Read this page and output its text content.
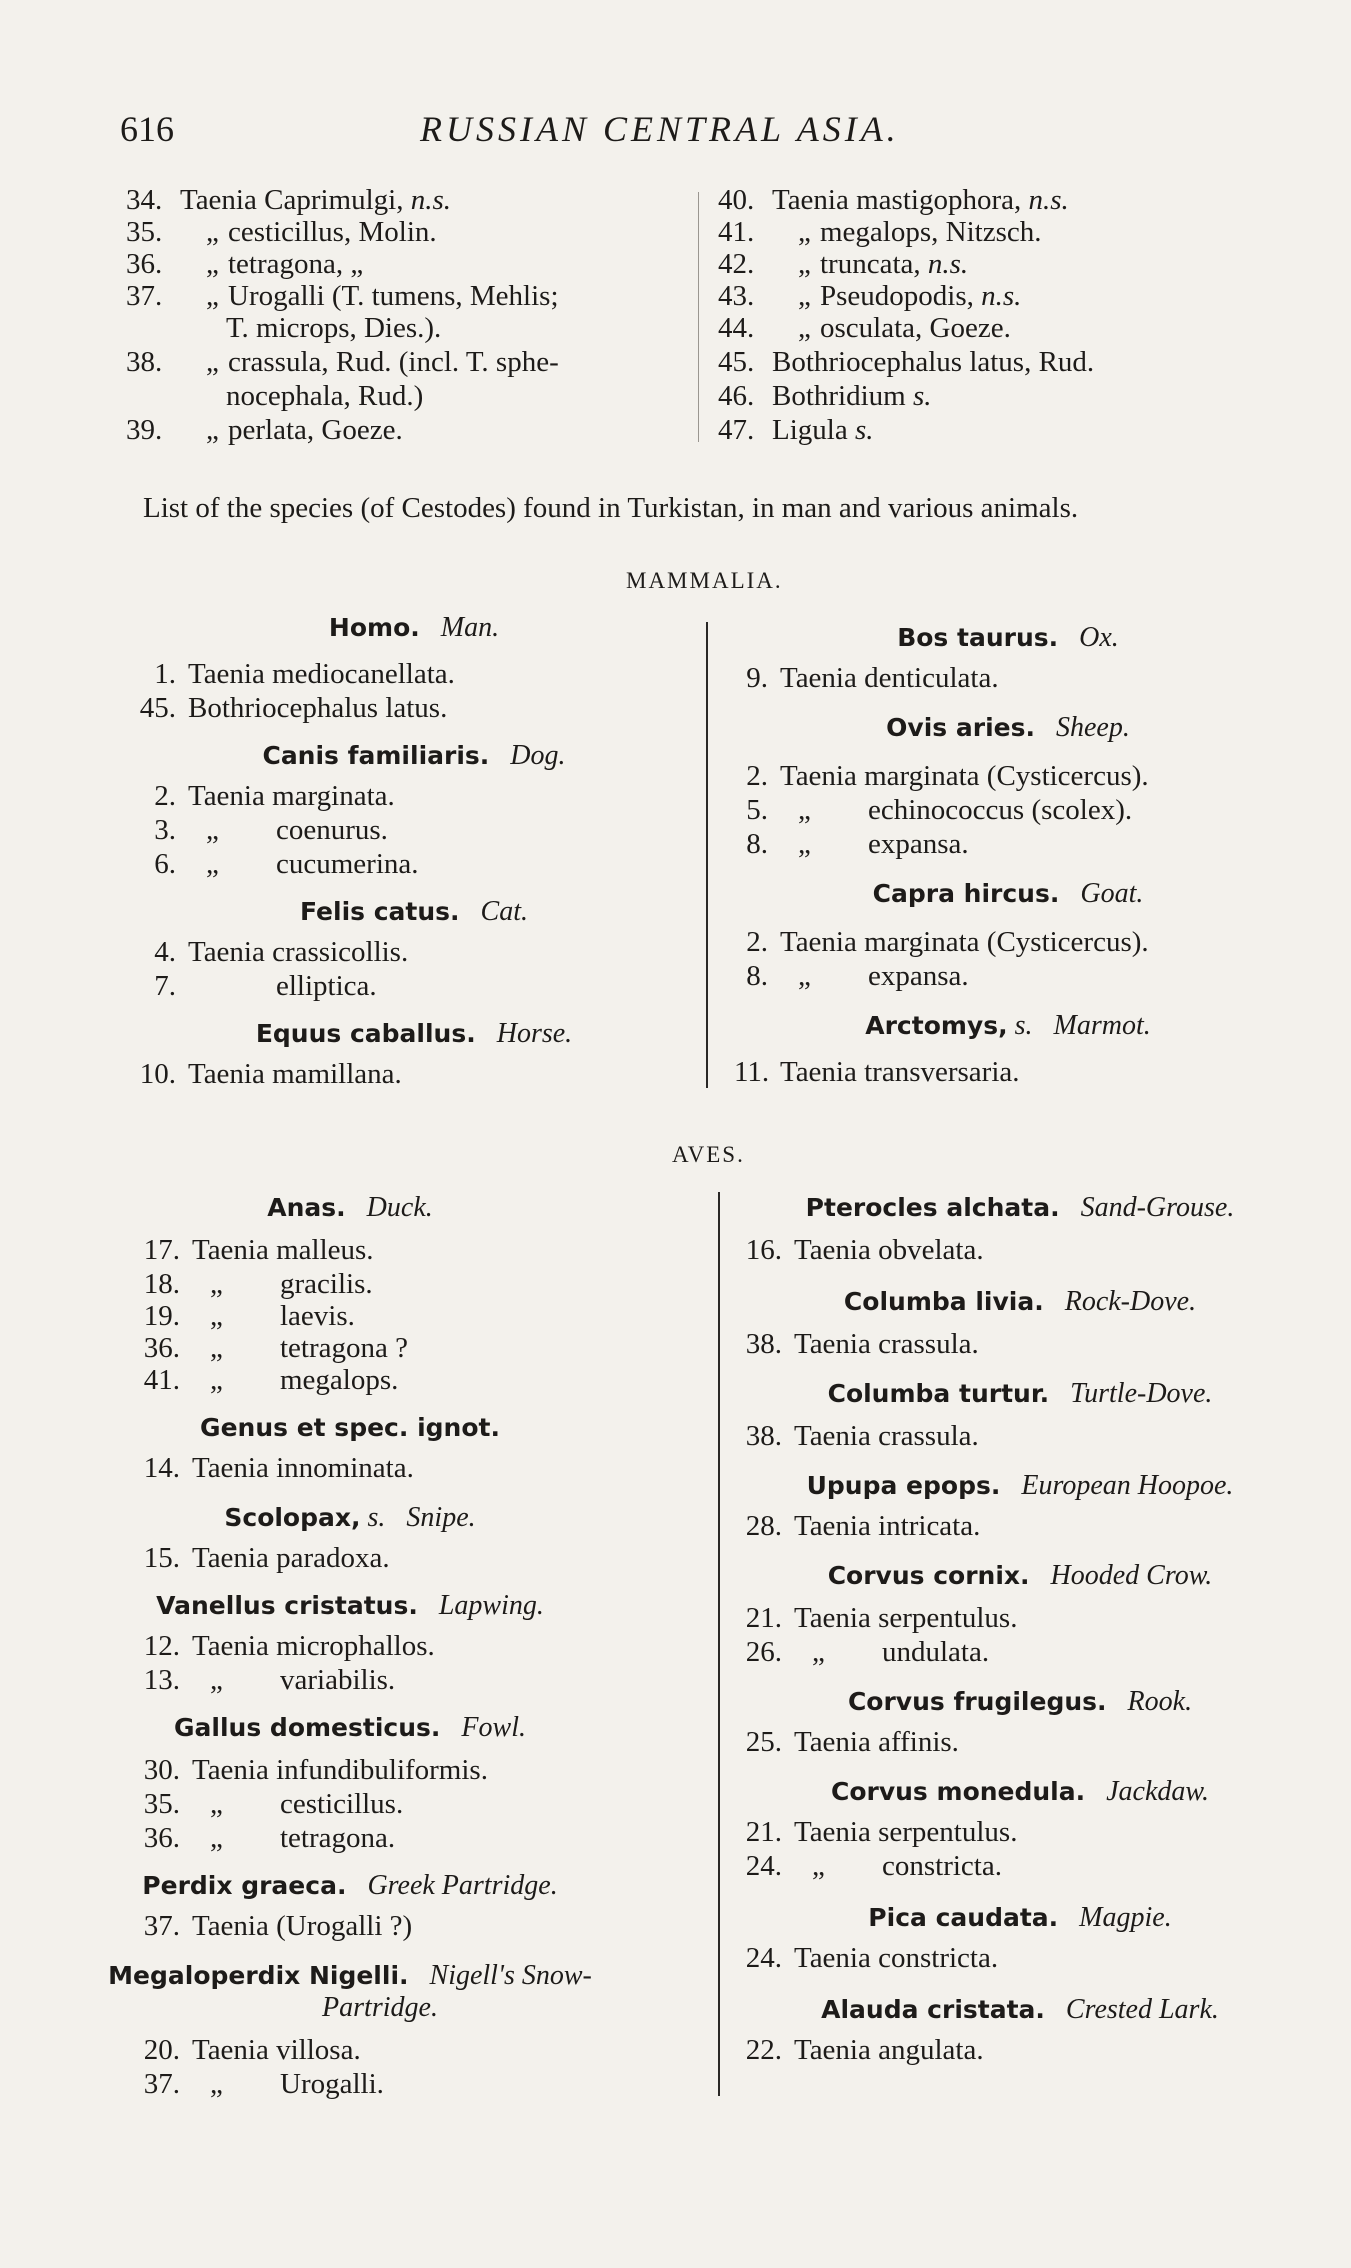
616	RUSSIAN CENTRAL ASIA.
34. Taenia Caprimulgi, n.s.
35. „ cesticillus, Molin.
36. „ tetragona, „
37. „ Urogalli (T. tumens, Mehlis;
T. microps, Dies.).
38. „ crassula, Rud. (incl. T. sphe-
nocephala, Rud.)
39. „ perlata, Goeze.
40. Taenia mastigophora, n.s.
41. „ megalops, Nitzsch.
42. „ truncata, n.s.
43. „ Pseudopodis, n.s.
44. „ osculata, Goeze.
45. Bothriocephalus latus, Rud.
46. Bothridium s.
47. Ligula s.
List of the species (of Cestodes) found in Turkistan, in man and various animals.
MAMMALIA.
Homo. Man.
1. Taenia mediocanellata.
45. Bothriocephalus latus.
Canis familiaris. Dog.
2. Taenia marginata.
3. „ coenurus.
6. „ cucumerina.
Felis catus. Cat.
4. Taenia crassicollis.
7.	elliptica.
Equus caballus. Horse.
10. Taenia mamillana.
Bos taurus. Ox.
9. Taenia denticulata.
Ovis aries. Sheep.
2. Taenia marginata (Cysticercus).
5. „ echinococcus (scolex).
8. „ expansa.
Capra hircus. Goat.
2. Taenia marginata (Cysticercus).
8. „ expansa.
Arctomys, s. Marmot.
11. Taenia transversaria.
AVES.
Anas. Duck.
17. Taenia malleus.
18. „ gracilis.
19. „ laevis.
36. „ tetragona ?
41. „ megalops.
Genus et spec. ignot.
14. Taenia innominata.
Scolopax, s. Snipe.
15. Taenia paradoxa.
Vanellus cristatus. Lapwing.
12. Taenia microphallos.
13. „ variabilis.
Gallus domesticus. Fowl.
30. Taenia infundibuliformis.
35. „ cesticillus.
36. „ tetragona.
Perdix graeca. Greek Partridge.
37. Taenia (Urogalli ?)
Megaloperdix Nigelli. Nigell's Snow-
Partridge.
20. Taenia villosa.
37. „ Urogalli.
Pterocles alchata. Sand-Grouse.
16. Taenia obvelata.
Columba livia. Rock-Dove.
38. Taenia crassula.
Columba turtur. Turtle-Dove.
38. Taenia crassula.
Upupa epops. European Hoopoe.
28. Taenia intricata.
Corvus cornix. Hooded Crow.
21. Taenia serpentulus.
26. „ undulata.
Corvus frugilegus. Rook.
25. Taenia affinis.
Corvus monedula. Jackdaw.
21. Taenia serpentulus.
24. „ constricta.
Pica caudata. Magpie.
24. Taenia constricta.
Alauda cristata. Crested Lark.
22. Taenia angulata.
